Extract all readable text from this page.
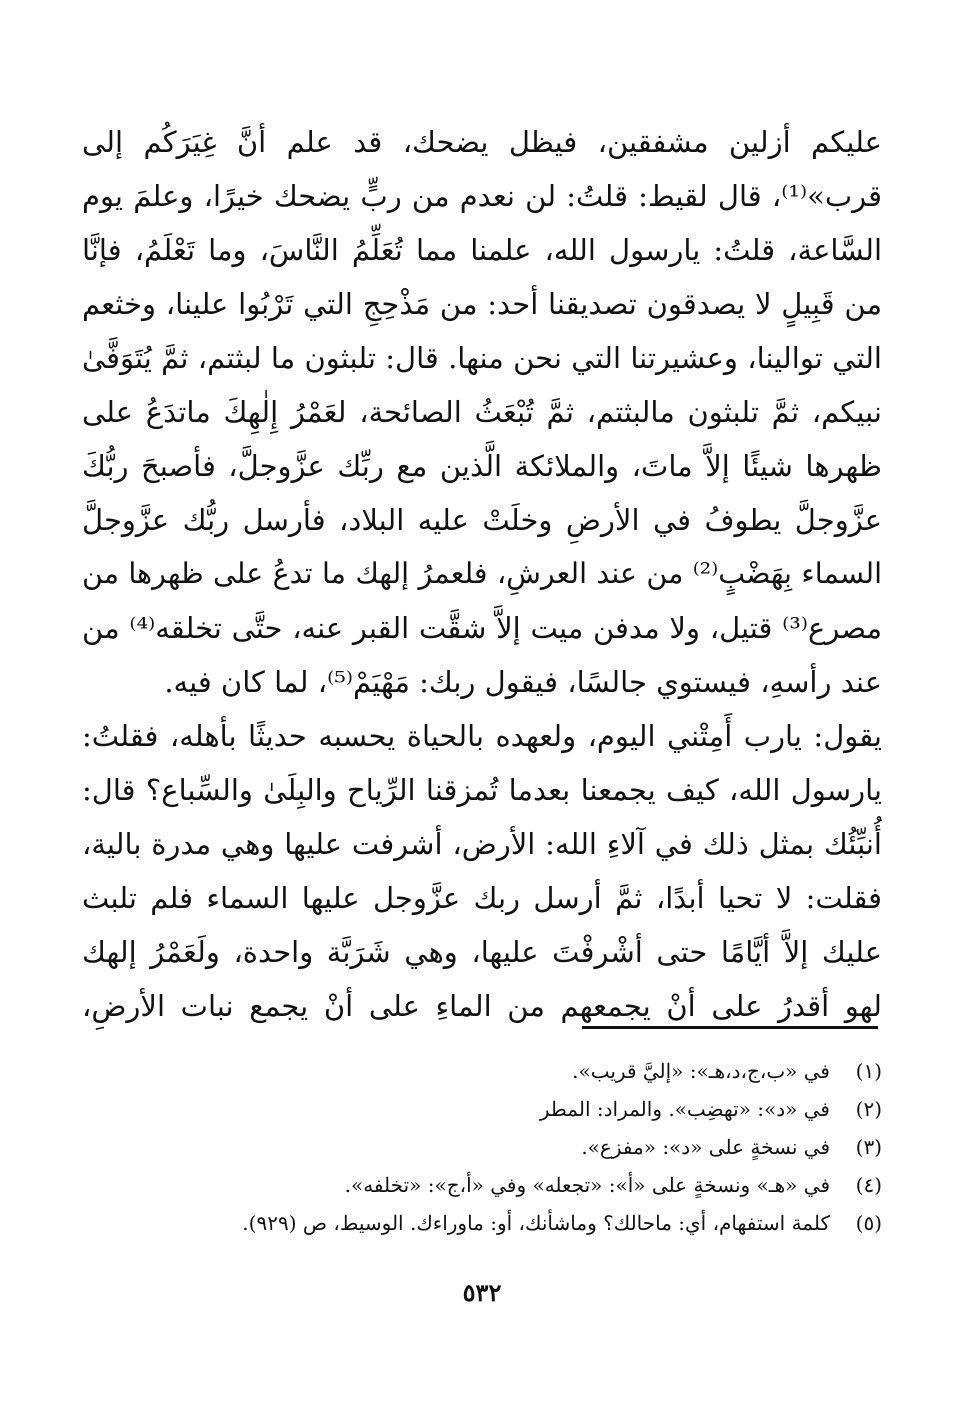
عليكم أزلين مشفقين، فيظل يضحك، قد علم أنَّ غِيَرَكُم إلى
قرب»⁽¹⁾، قال لقيط: قلتُ: لن نعدم من ربٍّ يضحك خيرًا، وعلمَ يوم
السَّاعة، قلتُ: يارسول الله، علمنا مما تُعَلِّمُ النَّاسَ، وما تَعْلَمُ، فإنَّا
من قَبِيلٍ لا يصدقون تصديقنا أحد: من مَذْحِجِ التي تَرْبُوا علينا، وخثعم
التي توالينا، وعشيرتنا التي نحن منها. قال: تلبثون ما لبثتم، ثمَّ يُتَوَفَّىٰ
نبيكم، ثمَّ تلبثون مالبثتم، ثمَّ تُبْعَثُ الصائحة، لعَمْرُ إِلٰهِكَ ماتدَعُ على
ظهرها شيئًا إلاَّ ماتَ، والملائكة الَّذين مع ربِّك عزَّوجلَّ، فأصبحَ ربُّكَ
عزَّوجلَّ يطوفُ في الأرضِ وخلَتْ عليه البلاد، فأرسل ربُّك عزَّوجلَّ
السماء بِهَضْبٍ⁽²⁾ من عند العرشِ، فلعمرُ إلهك ما تدعُ على ظهرها من
مصرع⁽³⁾ قتيل، ولا مدفن ميت إلاَّ شقَّت القبر عنه، حتَّى تخلقه⁽⁴⁾ من
عند رأسهِ، فيستوي جالسًا، فيقول ربك: مَهْيَمْ⁽⁵⁾، لما كان فيه.
يقول: يارب أَمِتْني اليوم، ولعهده بالحياة يحسبه حديثًا بأهله، فقلتُ:
يارسول الله، كيف يجمعنا بعدما تُمزقنا الرِّياح والبِلَىٰ والسِّباع؟ قال:
أُنبِّئُك بمثل ذلك في آلاءِ الله: الأرض، أشرفت عليها وهي مدرة بالية،
فقلت: لا تحيا أبدًا، ثمَّ أرسل ربك عزَّوجل عليها السماء فلم تلبث
عليك إلاَّ أيَّامًا حتى أشْرفْتَ عليها، وهي شَرَبَّة واحدة، ولَعَمْرُ إلهك
لهو أقدرُ على أنْ يجمعهم من الماءِ على أنْ يجمع نبات الأرضِ،
(١)في «ب،ج،د،هـ»: «إليَّ قريب».
(٢)في «د»: «تهضِب». والمراد: المطر
(٣)في نسخةٍ على «د»: «مفزع».
(٤)في «هـ» ونسخةٍ على «أ»: «تجعله» وفي «أ،ج»: «تخلفه».
(٥)كلمة استفهام، أي: ماحالك؟ وماشأنك، أو: ماوراءك. الوسيط، ص (٩٢٩).
٥٣٢
